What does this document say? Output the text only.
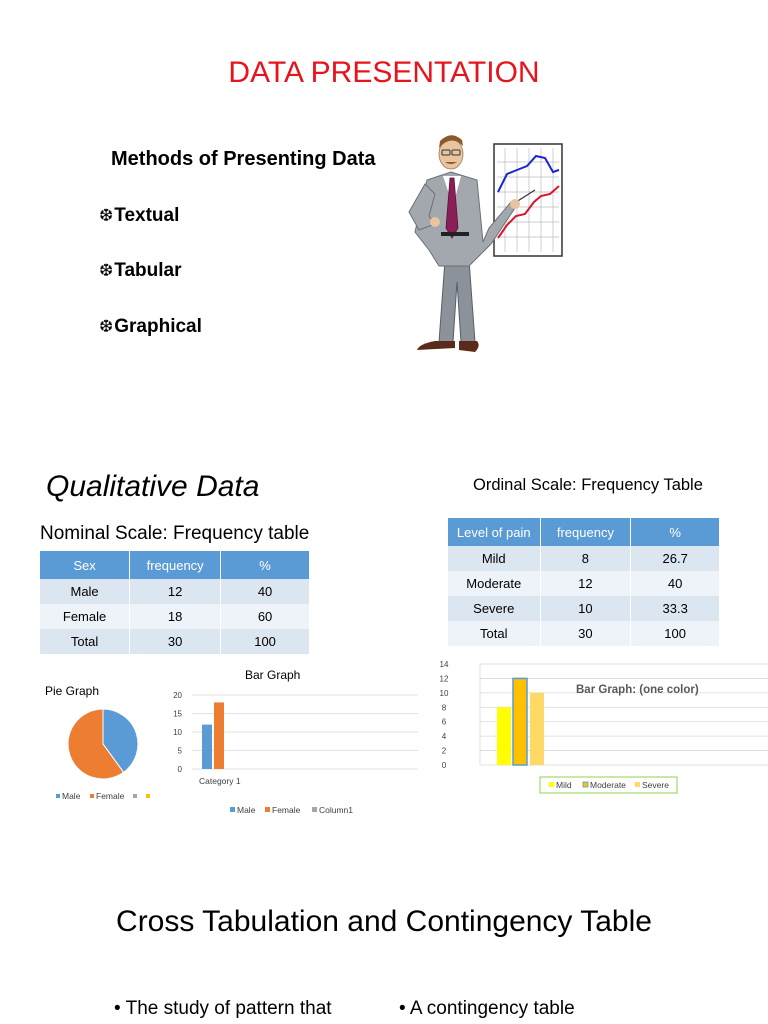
DATA PRESENTATION
Methods of Presenting Data
❆Textual
❆Tabular
❆Graphical
Qualitative Data
Nominal Scale: Frequency table
Ordinal Scale: Frequency Table
Sex	frequency	%
Male	12	40
Female	18	60
Total	30	100
Level of pain	frequency	%
Mild	8	26.7
Moderate	12	40
Severe	10	33.3
Total	30	100
Pie Graph
Male Female
Bar Graph
0
5
10
15
20
Category 1
Male Female Column1
0
2
4
6
8
10
12
14
Bar Graph: (one color)
Mild Moderate Severe
Cross Tabulation and Contingency Table
• The study of pattern that	• A contingency table
